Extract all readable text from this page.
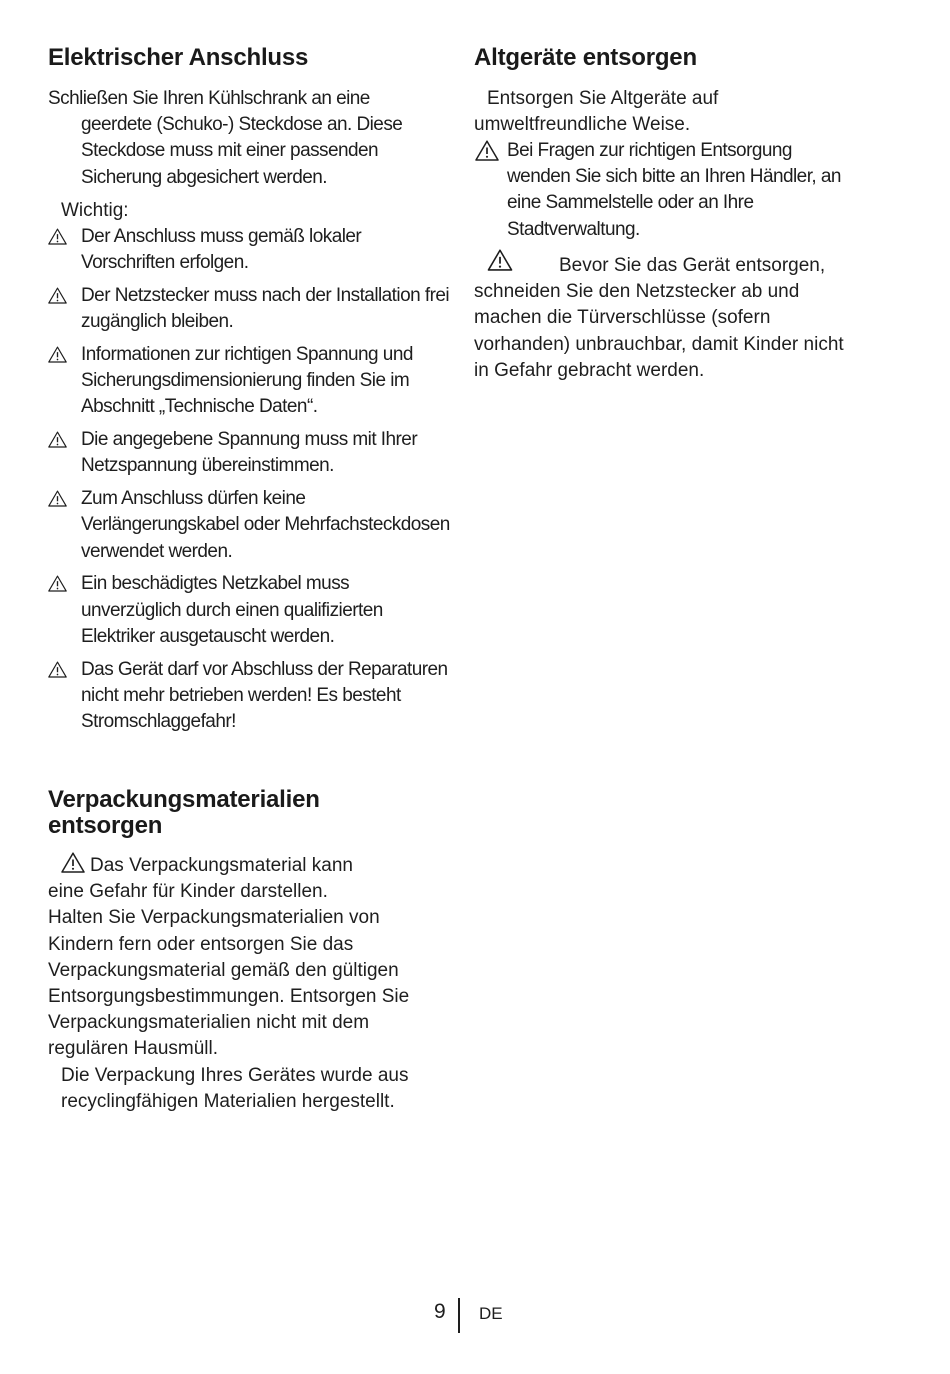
Elektrischer Anschluss
Schließen Sie Ihren Kühlschrank an eine
geerdete (Schuko-) Steckdose an. Diese Steckdose muss mit einer passenden Sicherung abgesichert werden.
Wichtig:
Der Anschluss muss gemäß lokaler Vorschriften erfolgen.
Der Netzstecker muss nach der Installation frei zugänglich bleiben.
Informationen zur richtigen Spannung und Sicherungsdimensionierung finden Sie im Abschnitt „Technische Daten“.
Die angegebene Spannung muss mit Ihrer Netzspannung übereinstimmen.
Zum Anschluss dürfen keine Verlängerungskabel oder Mehrfachsteckdosen verwendet werden.
Ein beschädigtes Netzkabel muss unverzüglich durch einen qualifizierten Elektriker ausgetauscht werden.
Das Gerät darf vor Abschluss der Reparaturen nicht mehr betrieben werden! Es besteht Stromschlaggefahr!
Verpackungsmaterialien
entsorgen
Das Verpackungsmaterial kann
eine Gefahr für Kinder darstellen.
Halten Sie Verpackungsmaterialien von Kindern fern oder entsorgen Sie das Verpackungsmaterial gemäß den gültigen Entsorgungsbestimmungen. Entsorgen Sie Verpackungsmaterialien nicht mit dem regulären Hausmüll.
Die Verpackung Ihres Gerätes wurde aus recyclingfähigen Materialien hergestellt.
Altgeräte entsorgen
Entsorgen Sie Altgeräte auf umweltfreundliche Weise.
Bei Fragen zur richtigen Entsorgung wenden Sie sich bitte an Ihren Händler, an eine Sammelstelle oder an Ihre Stadtverwaltung.
Bevor Sie das Gerät entsorgen, schneiden Sie den Netzstecker ab und machen die Türverschlüsse (sofern vorhanden) unbrauchbar, damit Kinder nicht in Gefahr gebracht werden.
9 DE
